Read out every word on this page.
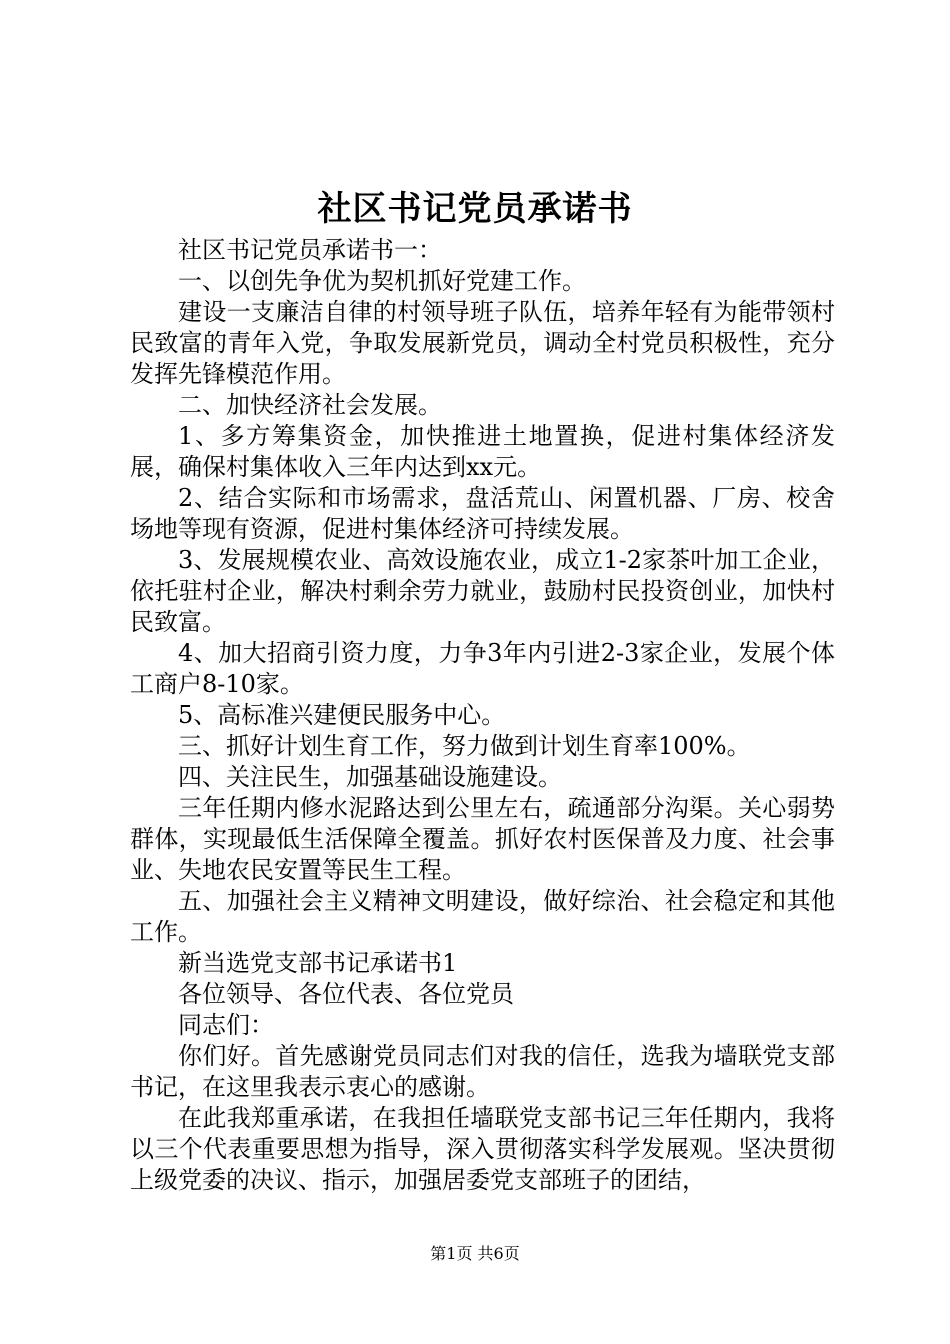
社区书记党员承诺书

社区书记党员承诺书一：

一、以创先争优为契机抓好党建工作。

建设一支廉洁自律的村领导班子队伍，培养年轻有为能带领村民致富的青年入党，争取发展新党员，调动全村党员积极性，充分发挥先锋模范作用。

二、加快经济社会发展。

1、多方筹集资金，加快推进土地置换，促进村集体经济发展，确保村集体收入三年内达到xx元。

2、结合实际和市场需求，盘活荒山、闲置机器、厂房、校舍场地等现有资源，促进村集体经济可持续发展。

3、发展规模农业、高效设施农业，成立1-2家茶叶加工企业，依托驻村企业，解决村剩余劳力就业，鼓励村民投资创业，加快村民致富。

4、加大招商引资力度，力争3年内引进2-3家企业，发展个体工商户8-10家。

5、高标准兴建便民服务中心。

三、抓好计划生育工作，努力做到计划生育率100%。

四、关注民生，加强基础设施建设。

三年任期内修水泥路达到公里左右，疏通部分沟渠。关心弱势群体，实现最低生活保障全覆盖。抓好农村医保普及力度、社会事业、失地农民安置等民生工程。

五、加强社会主义精神文明建设，做好综治、社会稳定和其他工作。

新当选党支部书记承诺书1

各位领导、各位代表、各位党员

同志们：

你们好。首先感谢党员同志们对我的信任，选我为墙联党支部书记，在这里我表示衷心的感谢。

在此我郑重承诺，在我担任墙联党支部书记三年任期内，我将以三个代表重要思想为指导，深入贯彻落实科学发展观。坚决贯彻上级党委的决议、指示，加强居委党支部班子的团结，

第1页 共6页
